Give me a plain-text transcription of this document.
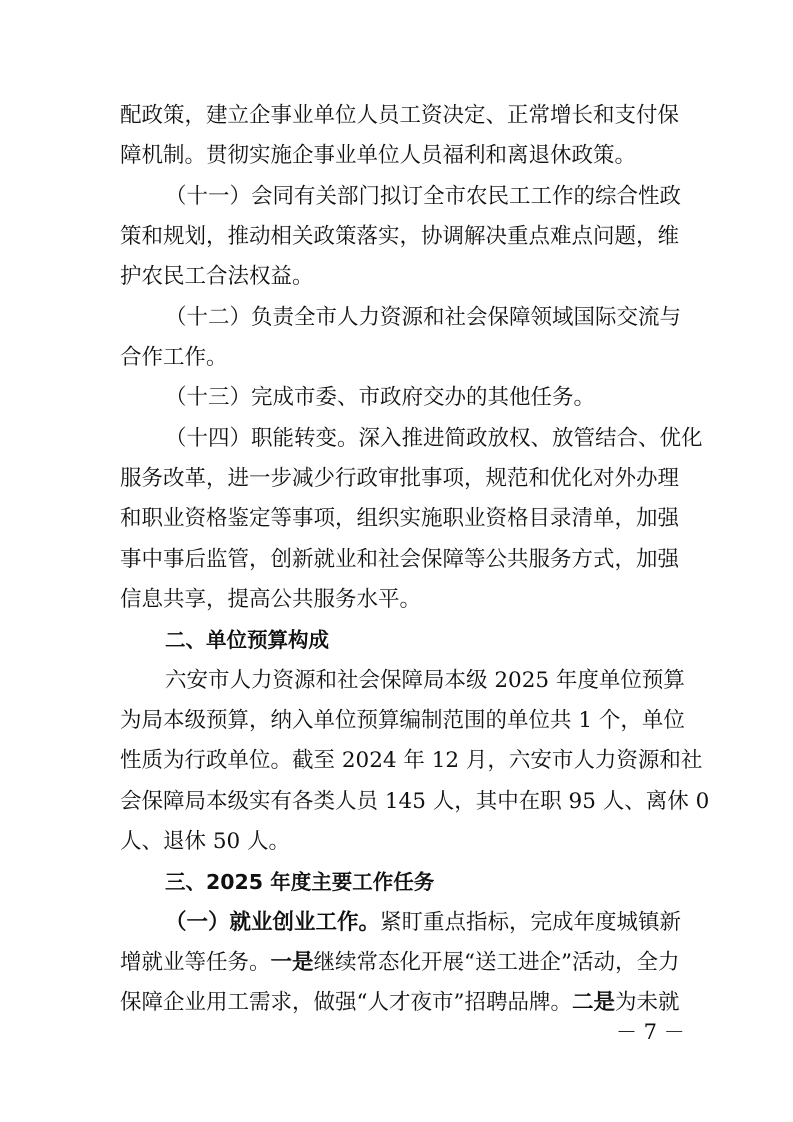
配政策，建立企事业单位人员工资决定、正常增长和支付保
障机制。贯彻实施企事业单位人员福利和离退休政策。
（十一）会同有关部门拟订全市农民工工作的综合性政
策和规划，推动相关政策落实，协调解决重点难点问题，维
护农民工合法权益。
（十二）负责全市人力资源和社会保障领域国际交流与
合作工作。
（十三）完成市委、市政府交办的其他任务。
（十四）职能转变。深入推进简政放权、放管结合、优化
服务改革，进一步减少行政审批事项，规范和优化对外办理
和职业资格鉴定等事项，组织实施职业资格目录清单，加强
事中事后监管，创新就业和社会保障等公共服务方式，加强
信息共享，提高公共服务水平。
二、单位预算构成
六安市人力资源和社会保障局本级 2025 年度单位预算
为局本级预算，纳入单位预算编制范围的单位共 1 个，单位
性质为行政单位。截至 2024 年 12 月，六安市人力资源和社
会保障局本级实有各类人员 145 人，其中在职 95 人、离休 0
人、退休 50 人。
三、2025 年度主要工作任务
（一）就业创业工作。紧盯重点指标，完成年度城镇新
增就业等任务。一是继续常态化开展“送工进企”活动，全力
保障企业用工需求，做强“人才夜市”招聘品牌。二是为未就
－ 7 －
